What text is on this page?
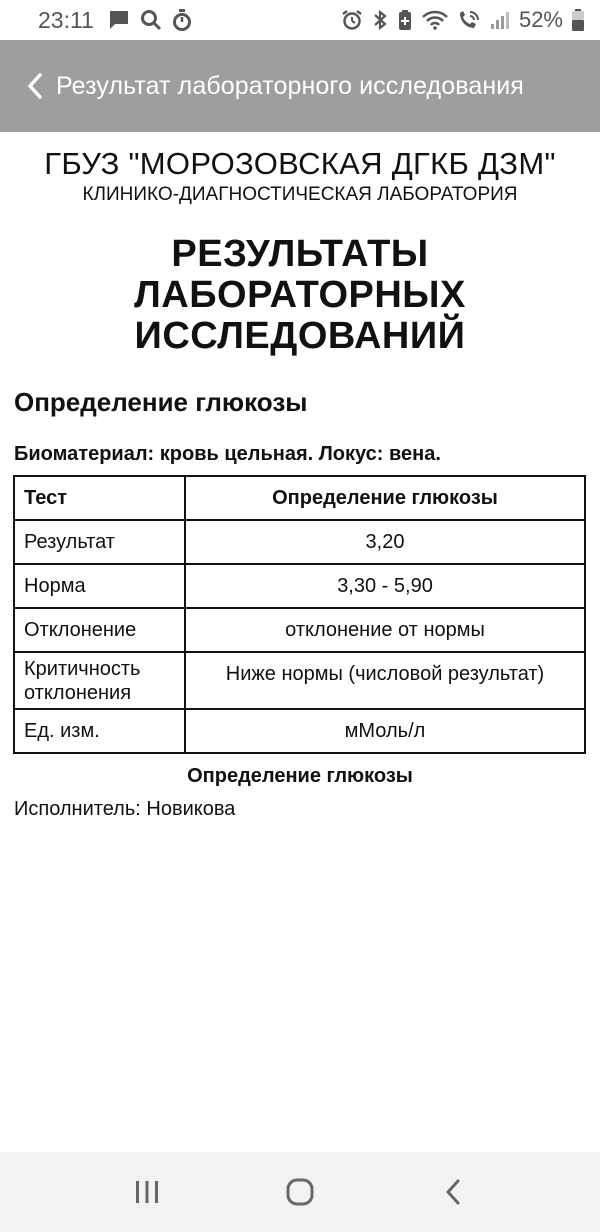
23:11	52%
Результат лабораторного исследования
ГБУЗ "МОРОЗОВСКАЯ ДГКБ ДЗМ"
КЛИНИКО-ДИАГНОСТИЧЕСКАЯ ЛАБОРАТОРИЯ
РЕЗУЛЬТАТЫ
ЛАБОРАТОРНЫХ
ИССЛЕДОВАНИЙ
Определение глюкозы
Биоматериал: кровь цельная. Локус: вена.
Тест	Определение глюкозы
Результат	3,20
Норма	3,30 - 5,90
Отклонение	отклонение от нормы
Критичность отклонения	Ниже нормы (числовой результат)
Ед. изм.	мМоль/л
Определение глюкозы
Исполнитель: Новикова
